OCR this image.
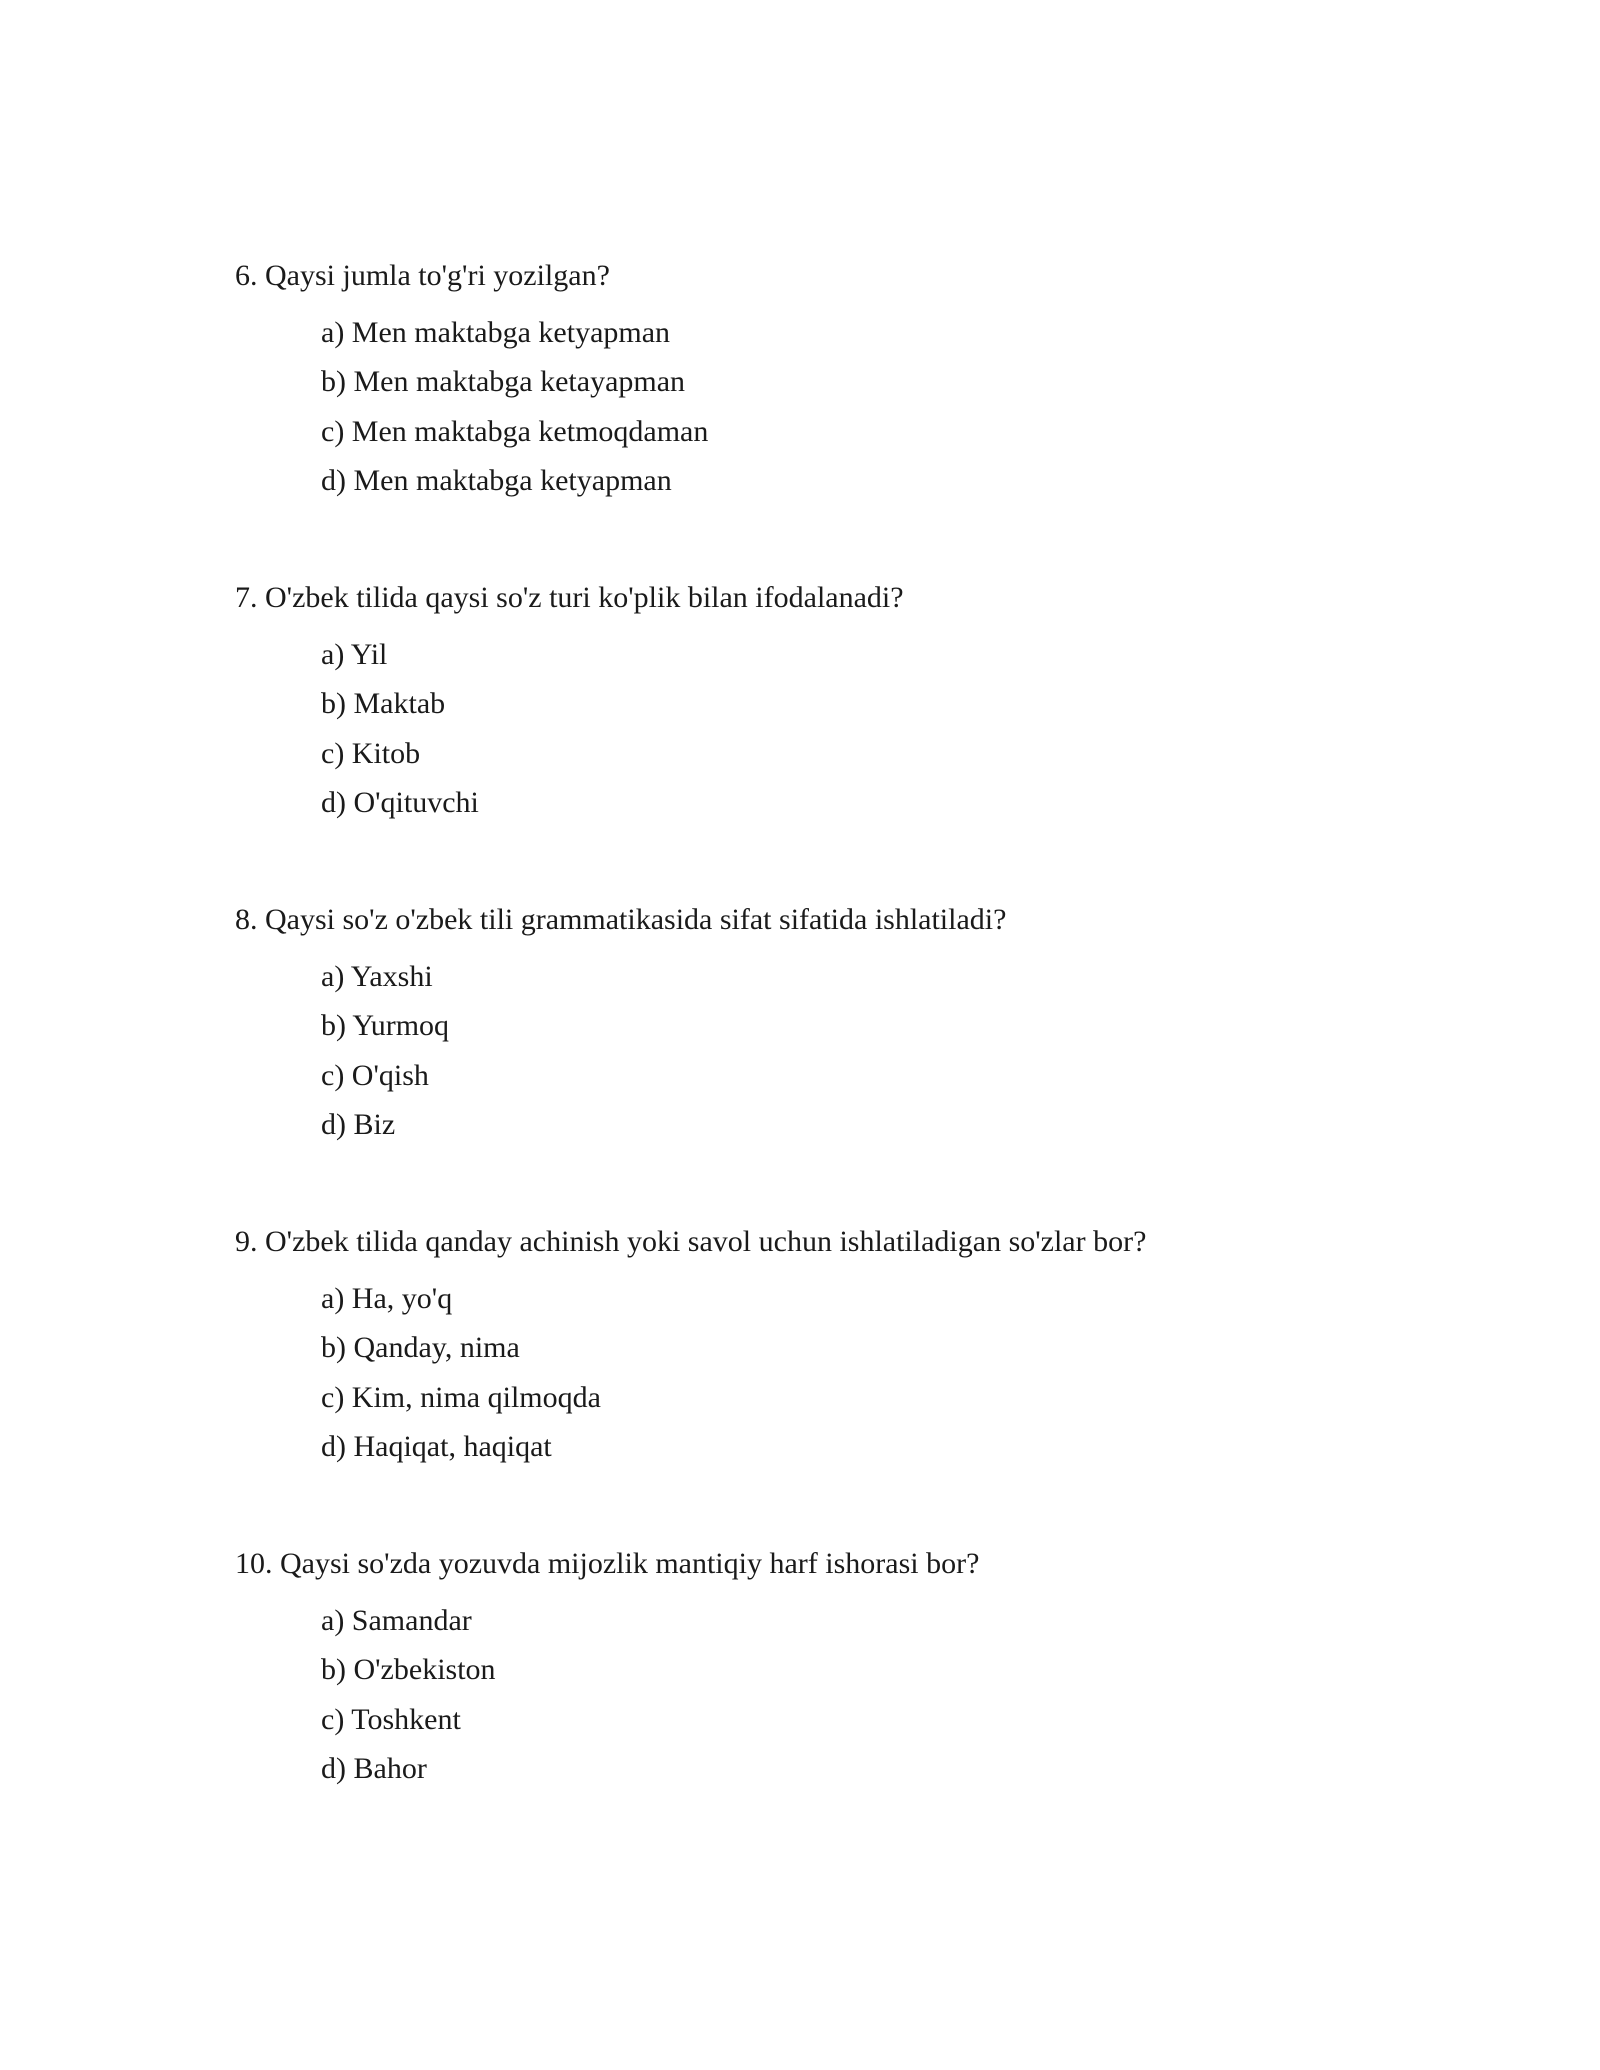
6. Qaysi jumla to'g'ri yozilgan?
a) Men maktabga ketyapman
b) Men maktabga ketayapman
c) Men maktabga ketmoqdaman
d) Men maktabga ketyapman
7. O'zbek tilida qaysi so'z turi ko'plik bilan ifodalanadi?
a) Yil
b) Maktab
c) Kitob
d) O'qituvchi
8. Qaysi so'z o'zbek tili grammatikasida sifat sifatida ishlatiladi?
a) Yaxshi
b) Yurmoq
c) O'qish
d) Biz
9. O'zbek tilida qanday achinish yoki savol uchun ishlatiladigan so'zlar bor?
a) Ha, yo'q
b) Qanday, nima
c) Kim, nima qilmoqda
d) Haqiqat, haqiqat
10. Qaysi so'zda yozuvda mijozlik mantiqiy harf ishorasi bor?
a) Samandar
b) O'zbekiston
c) Toshkent
d) Bahor
